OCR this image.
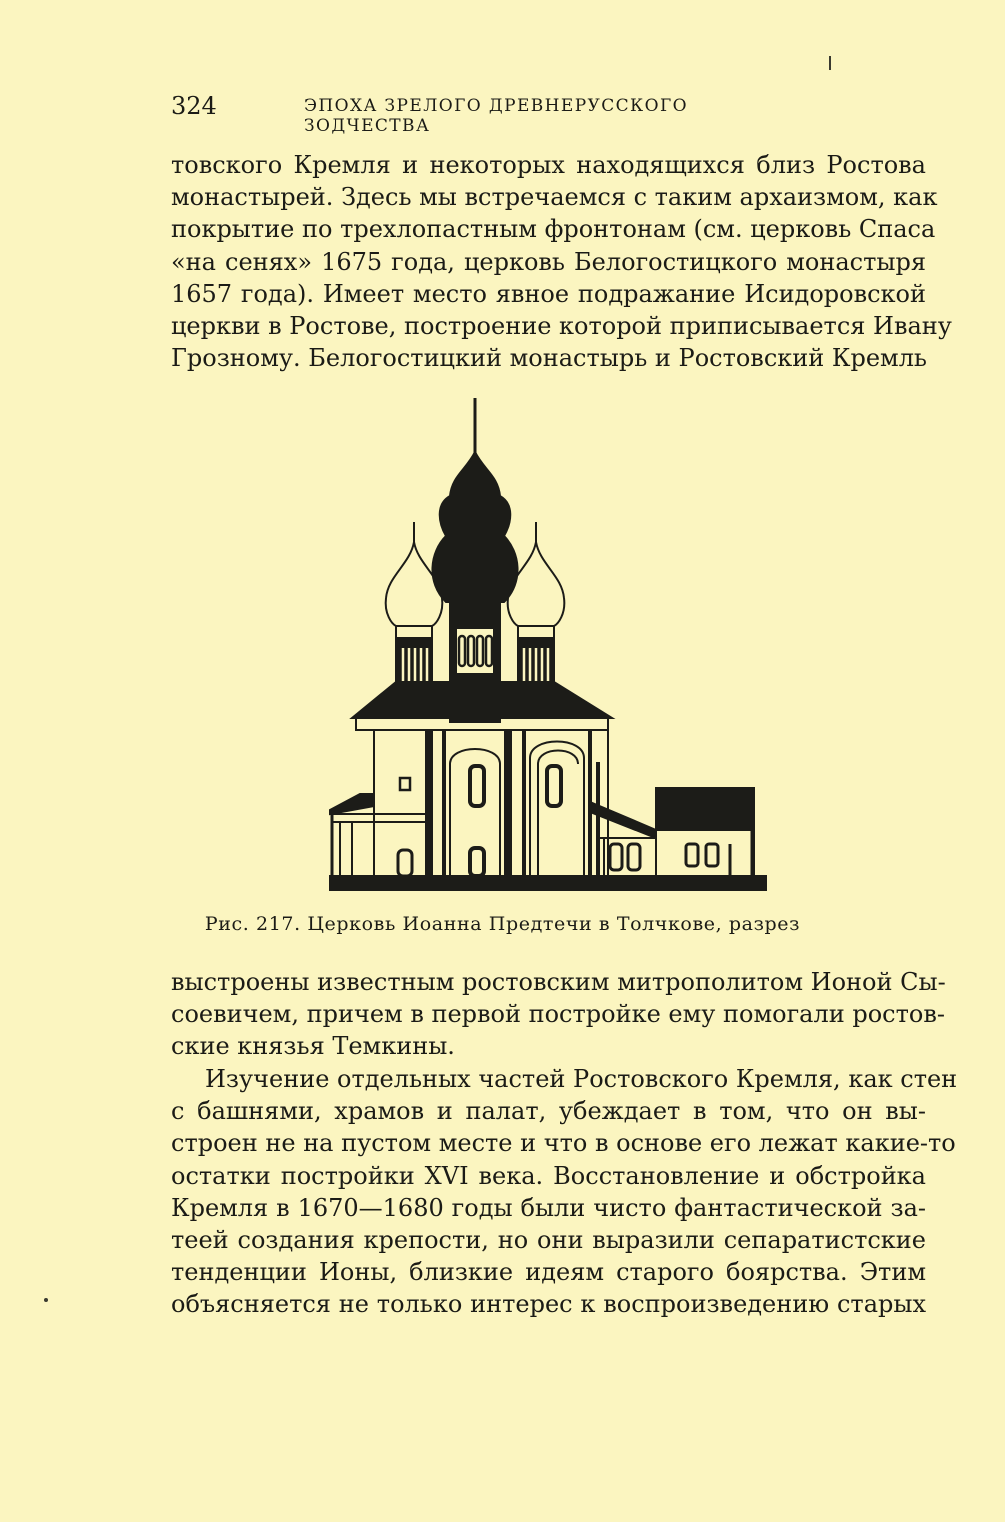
324	ЭПОХА ЗРЕЛОГО ДРЕВНЕРУССКОГО ЗОДЧЕСТВА
товского Кремля и некоторых находящихся близ Ростова
монастырей. Здесь мы встречаемся с таким архаизмом, как
покрытие по трехлопастным фронтонам (см. церковь Спаса
«на сенях» 1675 года, церковь Белогостицкого монастыря
1657 года). Имеет место явное подражание Исидоровской
церкви в Ростове, построение которой приписывается Ивану
Грозному. Белогостицкий монастырь и Ростовский Кремль
Рис. 217. Церковь Иоанна Предтечи в Толчкове, разрез
выстроены известным ростовским митрополитом Ионой Сы-
соевичем, причем в первой постройке ему помогали ростов-
ские князья Темкины.
Изучение отдельных частей Ростовского Кремля, как стен
с башнями, храмов и палат, убеждает в том, что он вы-
строен не на пустом месте и что в основе его лежат какие-то
остатки постройки XVI века. Восстановление и обстройка
Кремля в 1670—1680 годы были чисто фантастической за-
теей создания крепости, но они выразили сепаратистские
тенденции Ионы, близкие идеям старого боярства. Этим
объясняется не только интерес к воспроизведению старых
